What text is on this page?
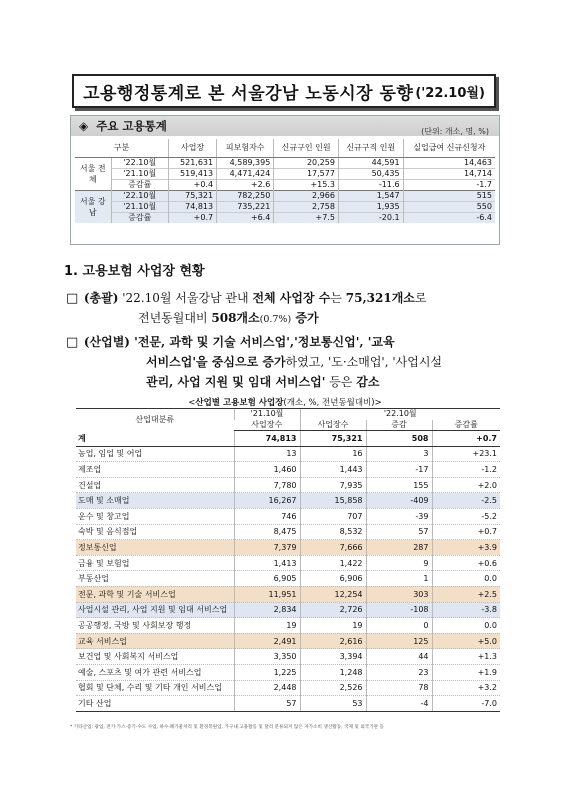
고용행정통계로 본 서울강남 노동시장 동향 ('22.10월)
◈ 주요 고용통계	(단위: 개소, 명, %)
구분		사업장	피보험자수	신규구인 인원	신규구직 인원	실업급여 신규신청자
서울 전체	'22.10월	521,631	4,589,395	20,259	44,591	14,463
	'21.10월	519,413	4,471,424	17,577	50,435	14,714
	증감률	+0.4	+2.6	+15.3	-11.6	-1.7
서울 강남	'22.10월	75,321	782,250	2,966	1,547	515
	'21.10월	74,813	735,221	2,758	1,935	550
	증감률	+0.7	+6.4	+7.5	-20.1	-6.4
1. 고용보험 사업장 현황
□ (총괄) '22.10월 서울강남 관내 전체 사업장 수는 75,321개소로
전년동월대비 508개소(0.7%) 증가
□ (산업별) '전문, 과학 및 기술 서비스업','정보통신업', '교육
서비스업'을 중심으로 증가하였고, '도·소매업', '사업시설
관리, 사업 지원 및 임대 서비스업' 등은 감소
<산업별 고용보험 사업장(개소, %, 전년동월대비)>
산업대분류	'21.10월	'22.10월		
	사업장수	사업장수	증감	증감률
계	74,813	75,321	508	+0.7
농업, 임업 및 어업	13	16	3	+23.1
제조업	1,460	1,443	-17	-1.2
건설업	7,780	7,935	155	+2.0
도매 및 소매업	16,267	15,858	-409	-2.5
운수 및 창고업	746	707	-39	-5.2
숙박 및 음식점업	8,475	8,532	57	+0.7
정보통신업	7,379	7,666	287	+3.9
금융 및 보험업	1,413	1,422	9	+0.6
부동산업	6,905	6,906	1	0.0
전문, 과학 및 기술 서비스업	11,951	12,254	303	+2.5
사업시설 관리, 사업 지원 및 임대 서비스업	2,834	2,726	-108	-3.8
공공행정, 국방 및 사회보장 행정	19	19	0	0.0
교육 서비스업	2,491	2,616	125	+5.0
보건업 및 사회복지 서비스업	3,350	3,394	44	+1.3
예술, 스포츠 및 여가 관련 서비스업	1,225	1,248	23	+1.9
협회 및 단체, 수리 및 기타 개인 서비스업	2,448	2,526	78	+3.2
기타 산업	57	53	-4	-7.0
* 기타산업: 광업, 전기·가스·증기·수도 사업, 하수·폐기물처리 및 환경복원업, 가구내 고용활동 및 달리 분류되지 않은 자가소비 생산활동, 국제 및 외국기관 등
